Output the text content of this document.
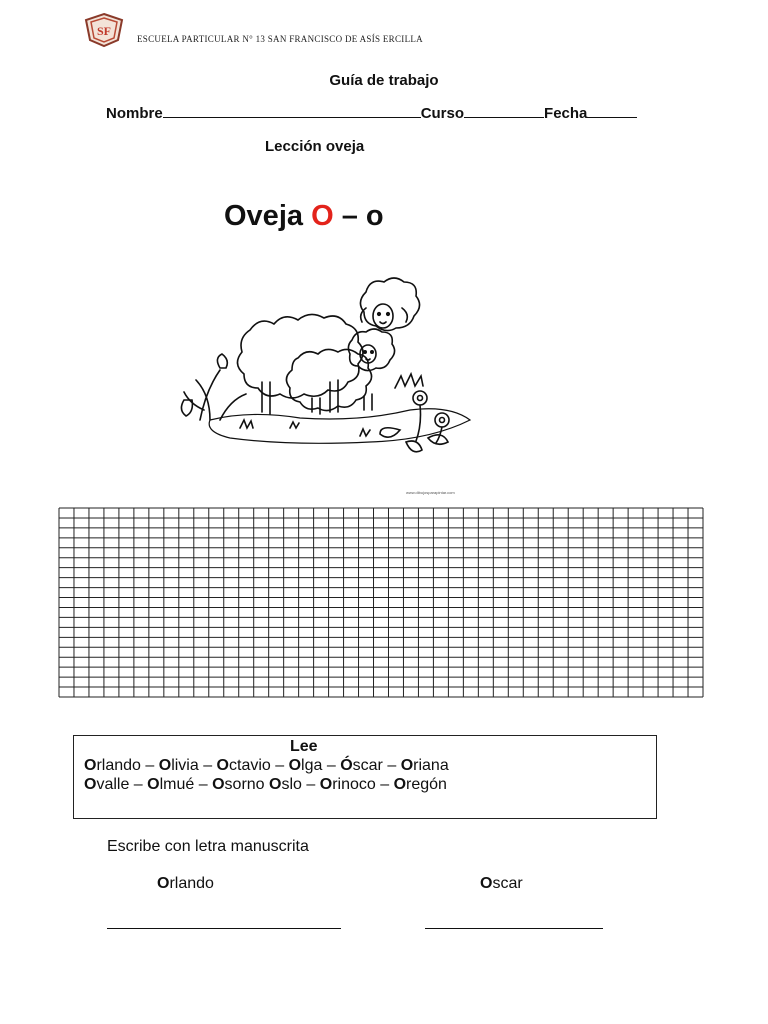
SF
ESCUELA PARTICULAR N° 13 SAN FRANCISCO DE ASÍS ERCILLA
Guía de trabajo
Nombre	Curso	Fecha
Lección oveja
Oveja O – o
www.dibujosparapintar.com
Lee
Orlando – Olivia – Octavio – Olga – Óscar – Oriana
Ovalle – Olmué – Osorno Oslo – Orinoco – Oregón
Escribe con letra manuscrita
Orlando	Oscar
